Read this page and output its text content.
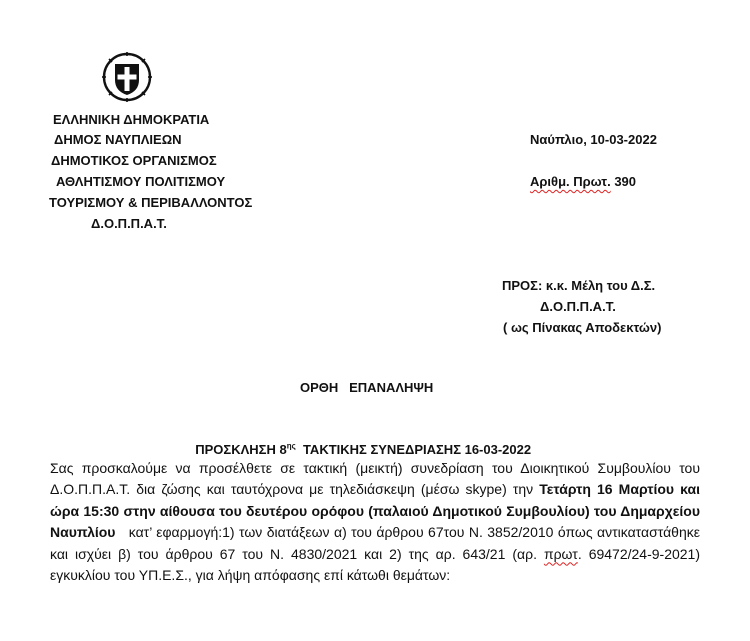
ΕΛΛΗΝΙΚΗ ΔΗΜΟΚΡΑΤΙΑ
ΔΗΜΟΣ ΝΑΥΠΛΙΕΩΝ
ΔΗΜΟΤΙΚΟΣ ΟΡΓΑΝΙΣΜΟΣ
ΑΘΛΗΤΙΣΜΟΥ ΠΟΛΙΤΙΣΜΟΥ
ΤΟΥΡΙΣΜΟΥ & ΠΕΡΙΒΑΛΛΟΝΤΟΣ
Δ.Ο.Π.Π.Α.Τ.
Ναύπλιο, 10-03-2022
Αριθμ. Πρωτ. 390
ΠΡΟΣ: κ.κ. Μέλη του Δ.Σ.
Δ.Ο.Π.Π.Α.Τ.
( ως Πίνακας Αποδεκτών)
ΟΡΘΗ   ΕΠΑΝΑΛΗΨΗ

ΠΡΟΣΚΛΗΣΗ $8^{\eta\varsigma}$  ΤΑΚΤΙΚΗΣ ΣΥΝΕΔΡΙΑΣΗΣ 16-03-2022

Σας προσκαλούμε να προσέλθετε σε τακτική (μεικτή) συνεδρίαση του Διοικητικού Συμβουλίου του Δ.Ο.Π.Π.Α.Τ. δια ζώσης και ταυτόχρονα με τηλεδιάσκεψη (μέσω skype) την Τετάρτη 16 Μαρτίου και ώρα 15:30 στην αίθουσα του δευτέρου ορόφου (παλαιού Δημοτικού Συμβουλίου) του Δημαρχείου Ναυπλίου   κατ’ εφαρμογή:1) των διατάξεων α) του άρθρου 67του Ν. 3852/2010 όπως αντικαταστάθηκε και ισχύει β) του άρθρου 67 του Ν. 4830/2021 και 2) της αρ. 643/21 (αρ. πρωτ. 69472/24-9-2021) εγκυκλίου του ΥΠ.Ε.Σ., για λήψη απόφασης επί κάτωθι θεμάτων:
